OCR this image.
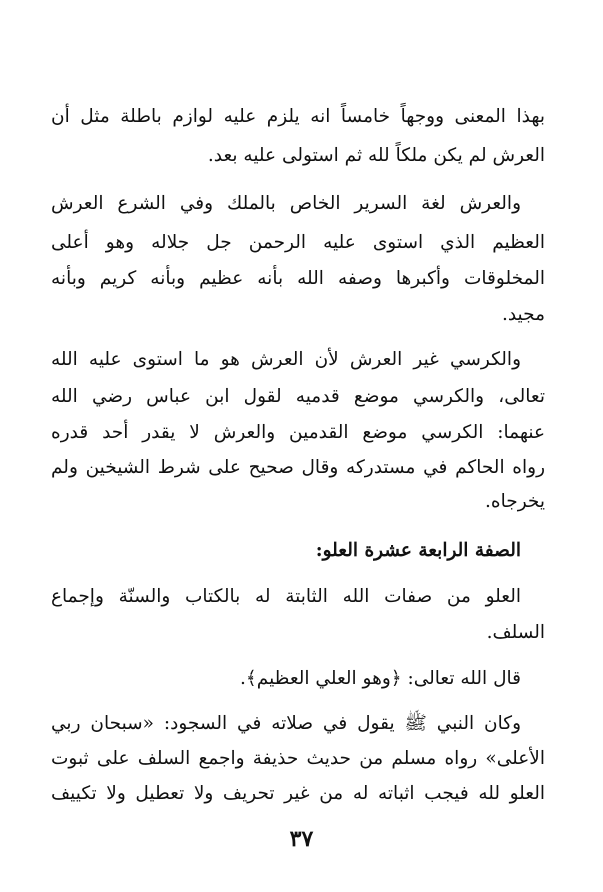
بهذا المعنى ووجهاً خامساً انه يلزم عليه لوازم باطلة مثل أن
العرش لم يكن ملكاً لله ثم استولى عليه بعد.
والعرش لغة السرير الخاص بالملك وفي الشرع العرش
العظيم الذي استوى عليه الرحمن جل جلاله وهو أعلى
المخلوقات وأكبرها وصفه الله بأنه عظيم وبأنه كريم وبأنه
مجيد.
والكرسي غير العرش لأن العرش هو ما استوى عليه الله
تعالى، والكرسي موضع قدميه لقول ابن عباس رضي الله
عنهما: الكرسي موضع القدمين والعرش لا يقدر أحد قدره
رواه الحاكم في مستدركه وقال صحيح على شرط الشيخين ولم
يخرجاه.
الصفة الرابعة عشرة العلو:
العلو من صفات الله الثابتة له بالكتاب والسنّة وإجماع
السلف.
قال الله تعالى: ﴿وهو العلي العظيم﴾.
وكان النبي ﷺ يقول في صلاته في السجود: «سبحان ربي
الأعلى» رواه مسلم من حديث حذيفة واجمع السلف على ثبوت
العلو لله فيجب اثباته له من غير تحريف ولا تعطيل ولا تكييف
٣٧
